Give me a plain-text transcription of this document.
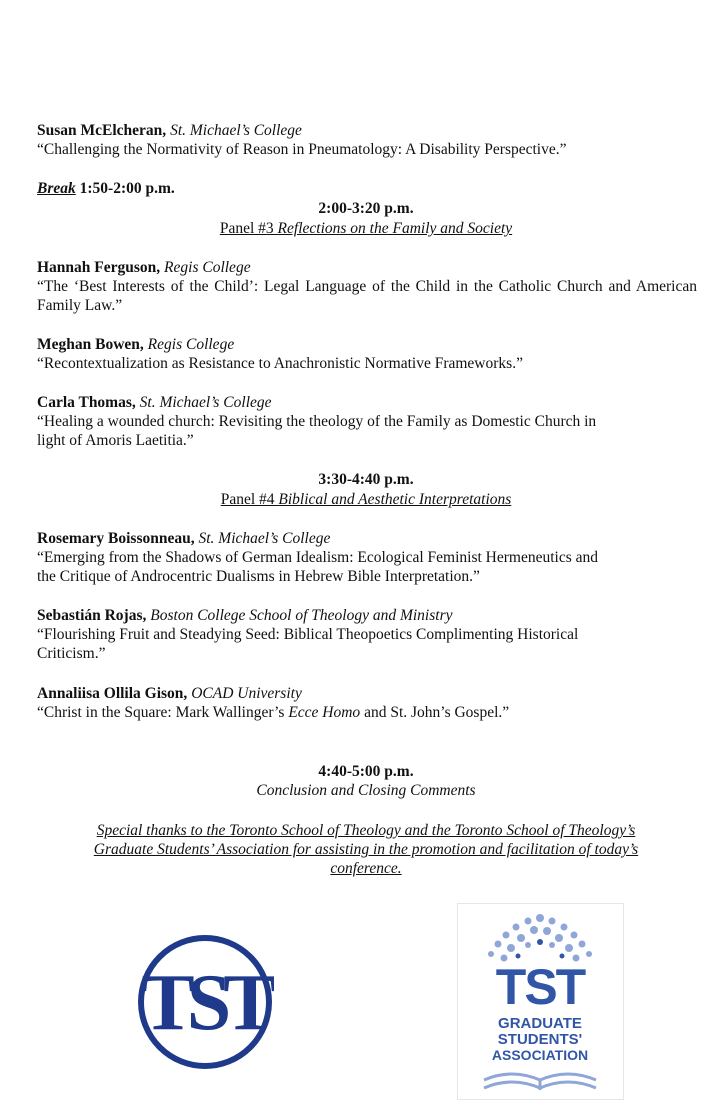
Susan McElcheran, St. Michael’s College
“Challenging the Normativity of Reason in Pneumatology: A Disability Perspective.”
Break 1:50-2:00 p.m.
2:00-3:20 p.m.
Panel #3 Reflections on the Family and Society
Hannah Ferguson, Regis College
“The ‘Best Interests of the Child’: Legal Language of the Child in the Catholic Church and American Family Law.”
Meghan Bowen, Regis College
“Recontextualization as Resistance to Anachronistic Normative Frameworks.”
Carla Thomas, St. Michael’s College
“Healing a wounded church: Revisiting the theology of the Family as Domestic Church in
light of Amoris Laetitia.”
3:30-4:40 p.m.
Panel #4 Biblical and Aesthetic Interpretations
Rosemary Boissonneau, St. Michael’s College
“Emerging from the Shadows of German Idealism: Ecological Feminist Hermeneutics and
the Critique of Androcentric Dualisms in Hebrew Bible Interpretation.”
Sebastián Rojas, Boston College School of Theology and Ministry
“Flourishing Fruit and Steadying Seed: Biblical Theopoetics Complimenting Historical
Criticism.”
Annaliisa Ollila Gison, OCAD University
“Christ in the Square: Mark Wallinger’s Ecce Homo and St. John’s Gospel.”
4:40-5:00 p.m.
Conclusion and Closing Comments
Special thanks to the Toronto School of Theology and the Toronto School of Theology’s
Graduate Students’ Association for assisting in the promotion and facilitation of today’s
conference.
TST	TST
GRADUATE
STUDENTS'
ASSOCIATION
